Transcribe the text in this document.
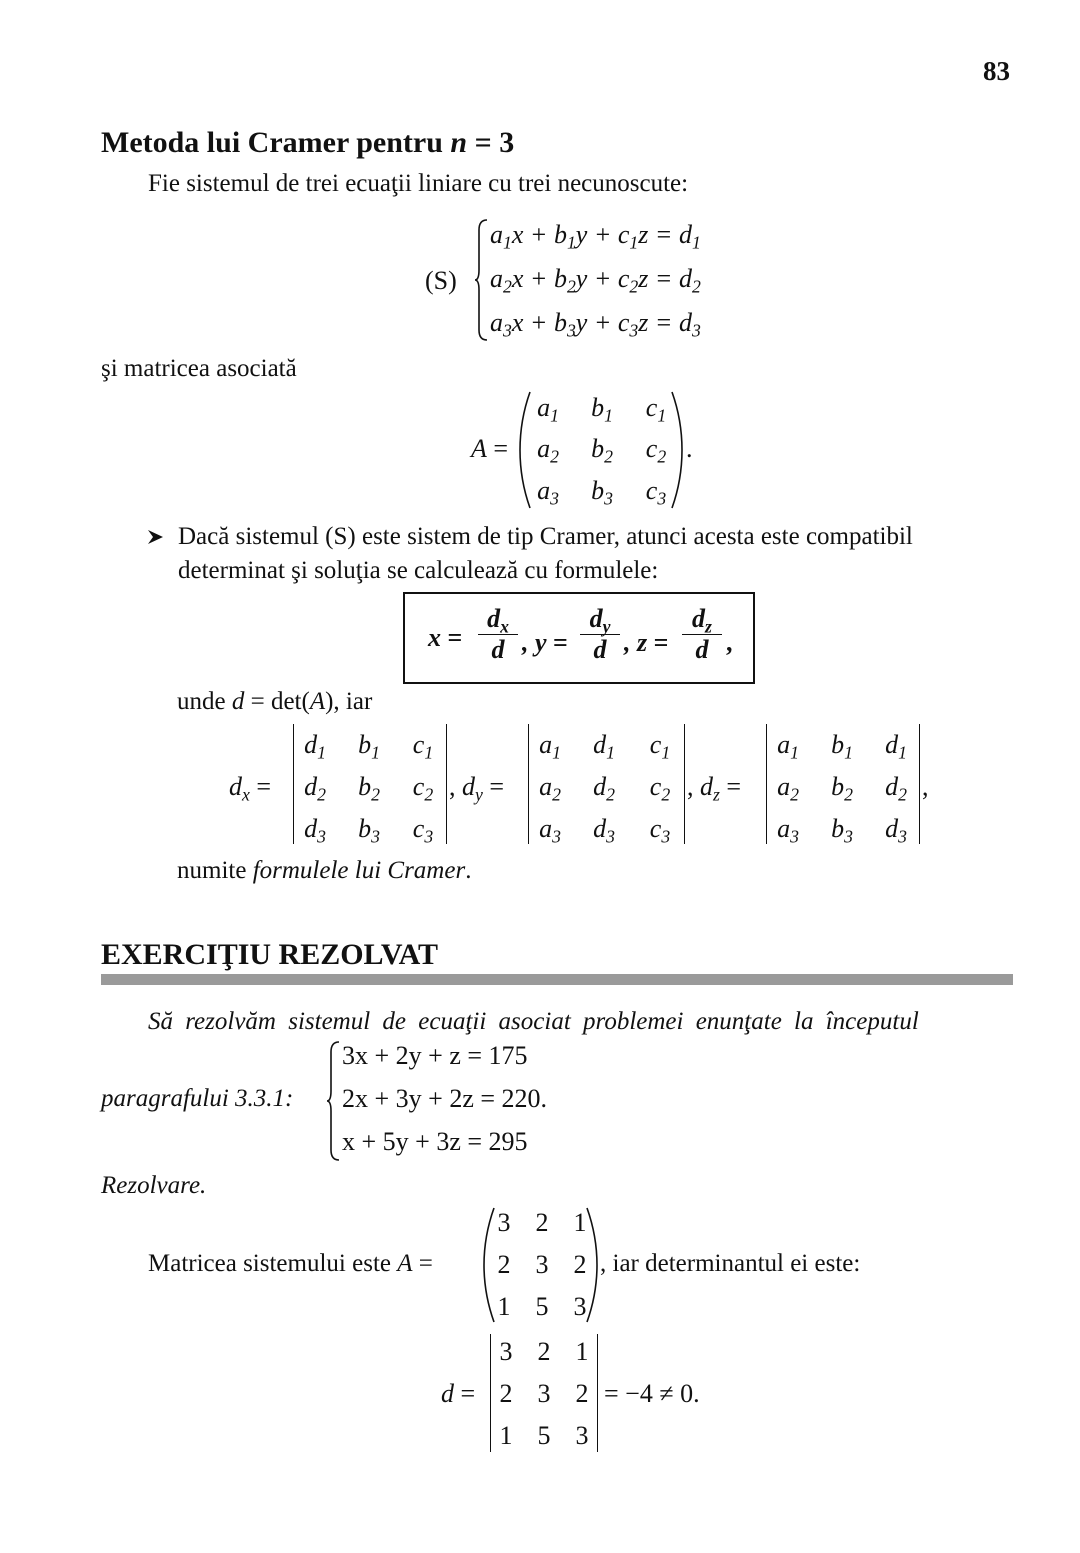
83
Metoda lui Cramer pentru n = 3
Fie sistemul de trei ecuaţii liniare cu trei necunoscute:
(S)
$a_1x + b_1y + c_1z = d_1$
$a_2x + b_2y + c_2z = d_2$
$a_3x + b_3y + c_3z = d_3$
şi matricea asociată
A =	.
$a_1$	$b_1$	$c_1$
$a_2$	$b_2$	$c_2$
$a_3$	$b_3$	$c_3$
Dacă sistemul (S) este sistem de tip Cramer, atunci acesta este compatibil
determinat şi soluţia se calculează cu formulele:
$x = \frac{d_x}{d}$ , $y = \frac{d_y}{d}$ , $z = \frac{d_z}{d}$ ,
unde d = det(A), iar
$d_x$ =
$d_1$	$b_1$	$c_1$
$d_2$	$b_2$	$c_2$
$d_3$	$b_3$	$c_3$
, $d_y$ =
$a_1$	$d_1$	$c_1$
$a_2$	$d_2$	$c_2$
$a_3$	$d_3$	$c_3$
, $d_z$ =
$a_1$	$b_1$	$d_1$
$a_2$	$b_2$	$d_2$
$a_3$	$b_3$	$d_3$
,
numite formulele lui Cramer.
EXERCIŢIU REZOLVAT
Să rezolvăm sistemul de ecuaţii asociat problemei enunţate la începutul
paragrafului 3.3.1:
3x + 2y + z = 175
2x + 3y + 2z = 220.
x + 5y + 3z = 295
Rezolvare.
Matricea sistemului este A =
3 2 1
2 3 2
1 5 3
, iar determinantul ei este:
d =
3 2 1
2 3 2
1 5 3
= −4 ≠ 0.
